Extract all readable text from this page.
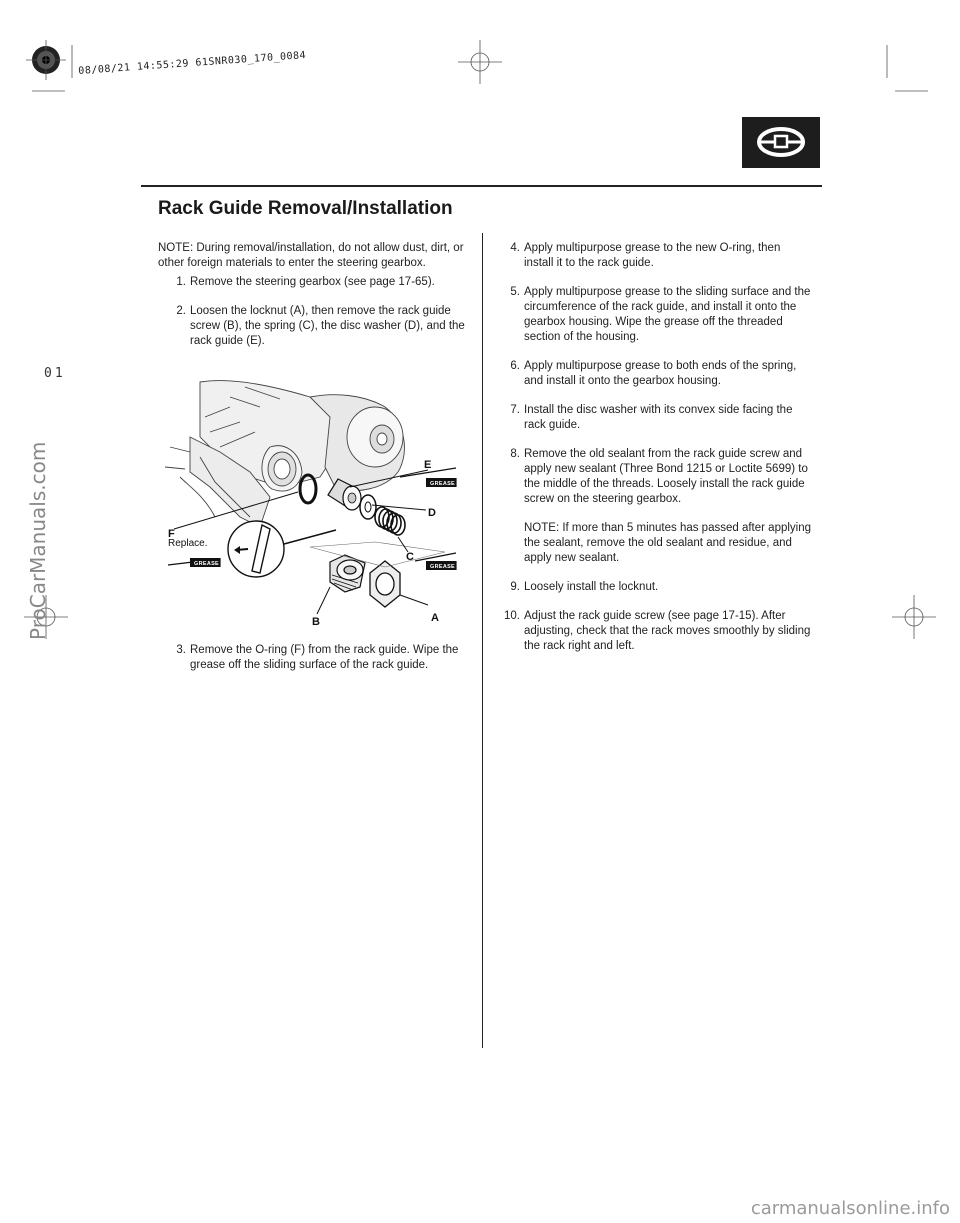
08/08/21 14:55:29 61SNR030_170_0084
01
ProCarManuals.com
Rack Guide Removal/Installation

NOTE: During removal/installation, do not allow dust, dirt, or other foreign materials to enter the steering gearbox.

1. Remove the steering gearbox (see page 17-65).

2. Loosen the locknut (A), then remove the rack guide screw (B), the spring (C), the disc washer (D), and the rack guide (E).

3. Remove the O-ring (F) from the rack guide. Wipe the grease off the sliding surface of the rack guide.

GREASE
GREASE
GREASE
E
D
C
A
B
F
Replace.

4. Apply multipurpose grease to the new O-ring, then install it to the rack guide.

5. Apply multipurpose grease to the sliding surface and the circumference of the rack guide, and install it onto the gearbox housing. Wipe the grease off the threaded section of the housing.

6. Apply multipurpose grease to both ends of the spring, and install it onto the gearbox housing.

7. Install the disc washer with its convex side facing the rack guide.

8. Remove the old sealant from the rack guide screw and apply new sealant (Three Bond 1215 or Loctite 5699) to the middle of the threads. Loosely install the rack guide screw on the steering gearbox.

NOTE: If more than 5 minutes has passed after applying the sealant, remove the old sealant and residue, and apply new sealant.

9. Loosely install the locknut.

10. Adjust the rack guide screw (see page 17-15). After adjusting, check that the rack moves smoothly by sliding the rack right and left.

carmanualsonline.info
